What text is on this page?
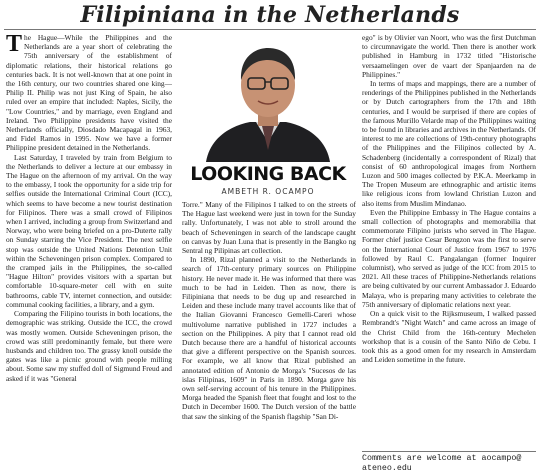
Filipiniana in the Netherlands

The Hague—While the Philippines and the Netherlands are a year short of celebrating the 75th anniversary of the establishment of diplomatic relations, their historical relations go centuries back. It is not well-known that at one point in the 16th century, our two countries shared one king—Philip II. Philip was not just King of Spain, he also ruled over an empire that included: Naples, Sicily, the "Low Countries," and by marriage, even England and Ireland. Two Philippine presidents have visited the Netherlands officially, Diosdado Macapagal in 1963, and Fidel Ramos in 1995. Now we have a former Philippine president detained in the Netherlands.

Last Saturday, I traveled by train from Belgium to the Netherlands to deliver a lecture at our embassy in The Hague on the afternoon of my arrival. On the way to the embassy, I took the opportunity for a side trip for selfies outside the International Criminal Court (ICC), which seems to have become a new tourist destination for Filipinos. There was a small crowd of Filipinos when I arrived, including a group from Switzerland and Norway, who were being briefed on a pro-Duterte rally on Sunday starring the Vice President. The next selfie stop was outside the United Nations Detention Unit within the Scheveningen prison complex. Compared to the cramped jails in the Philippines, the so-called "Hague Hilton" provides visitors with a spartan but comfortable 10-square-meter cell with en suite bathrooms, cable TV, internet connection, and outside: communal cooking facilities, a library, and a gym.

Comparing the Filipino tourists in both locations, the demographic was striking. Outside the ICC, the crowd was mostly women. Outside Scheveningen prison, the crowd was still predominantly female, but there were husbands and children too. The grassy knoll outside the gates was like a picnic ground with people milling about. Some saw my stuffed doll of Sigmund Freud and asked if it was "General

LOOKING BACK
AMBETH R. OCAMPO

Torre." Many of the Filipinos I talked to on the streets of The Hague last weekend were just in town for the Sunday rally. Unfortunately, I was not able to stroll around the beach of Scheveningen in search of the landscape caught on canvas by Juan Luna that is presently in the Bangko ng Sentral ng Pilipinas art collection.

In 1890, Rizal planned a visit to the Netherlands in search of 17th-century primary sources on Philippine history. He never made it. He was informed that there was much to be had in Leiden. Then as now, there is Filipiniana that needs to be dug up and researched in Leiden and these include many travel accounts like that of the Italian Giovanni Francesco Gemelli-Careri whose multivolume narrative published in 1727 includes a section on the Philippines. A pity that I cannot read old Dutch because there are a handful of historical accounts that give a different perspective on the Spanish sources. For example, we all know that Rizal published an annotated edition of Antonio de Morga's "Sucesos de las islas Filipinas, 1609" in Paris in 1890. Morga gave his own self-serving account of his tenure in the Philippines. Morga headed the Spanish fleet that fought and lost to the Dutch in December 1600. The Dutch version of the battle that saw the sinking of the Spanish flagship "San Di-

ego" is by Olivier van Noort, who was the first Dutchman to circumnavigate the world. Then there is another work published in Hamburg in 1732 titled "Historische versaamelingen over de vaart der Spanjaarden na de Philippines."

In terms of maps and mappings, there are a number of renderings of the Philippines published in the Netherlands or by Dutch cartographers from the 17th and 18th centuries, and I would be surprised if there are copies of the famous Murillo Velarde map of the Philippines waiting to be found in libraries and archives in the Netherlands. Of interest to me are collections of 19th-century photographs of the Philippines and the Filipinos collected by A. Schadenberg (incidentally a correspondent of Rizal) that consist of 60 anthropological images from Northern Luzon and 500 images collected by P.K.A. Meerkamp in The Tropen Museum are ethnographic and artistic items like religious icons from lowland Christian Luzon and also items from Muslim Mindanao.

Even the Philippine Embassy in The Hague contains a small collection of photographs and memorabilia that commemorate Filipino jurists who served in The Hague. Former chief justice Cesar Bengzon was the first to serve on the International Court of Justice from 1967 to 1976 followed by Raul C. Pangalangan (former Inquirer columnist), who served as judge of the ICC from 2015 to 2021. All these traces of Philippine-Netherlands relations are being cultivated by our current Ambassador J. Eduardo Malaya, who is preparing many activities to celebrate the 75th anniversary of diplomatic relations next year.

On a quick visit to the Rijksmuseum, I walked passed Rembrandt's "Night Watch" and came across an image of the Christ Child from the 16th-century Mechelen workshop that is a cousin of the Santo Niño de Cebu. I took this as a good omen for my research in Amsterdam and Leiden sometime in the future.

Comments are welcome at aocampo@
ateneo.edu
